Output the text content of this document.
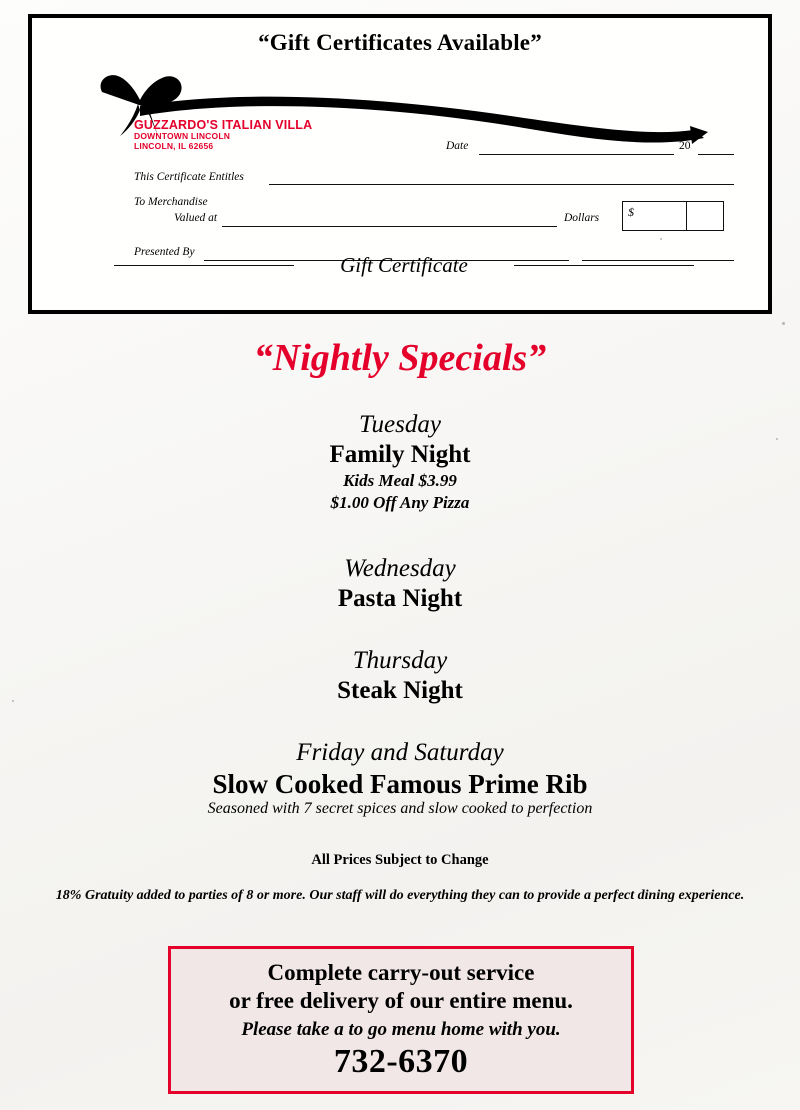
“Gift Certificates Available”
GUZZARDO'S ITALIAN VILLA
DOWNTOWN LINCOLN
LINCOLN, IL 62656	Date	20
This Certificate Entitles
To Merchandise
Valued at	Dollars $
Presented By
Gift Certificate
“Nightly Specials”
Tuesday
Family Night
Kids Meal $3.99
$1.00 Off Any Pizza
Wednesday
Pasta Night
Thursday
Steak Night
Friday and Saturday
Slow Cooked Famous Prime Rib
Seasoned with 7 secret spices and slow cooked to perfection
All Prices Subject to Change
18% Gratuity added to parties of 8 or more. Our staff will do everything they can to provide a perfect dining experience.
Complete carry-out service
or free delivery of our entire menu.
Please take a to go menu home with you.
732-6370
